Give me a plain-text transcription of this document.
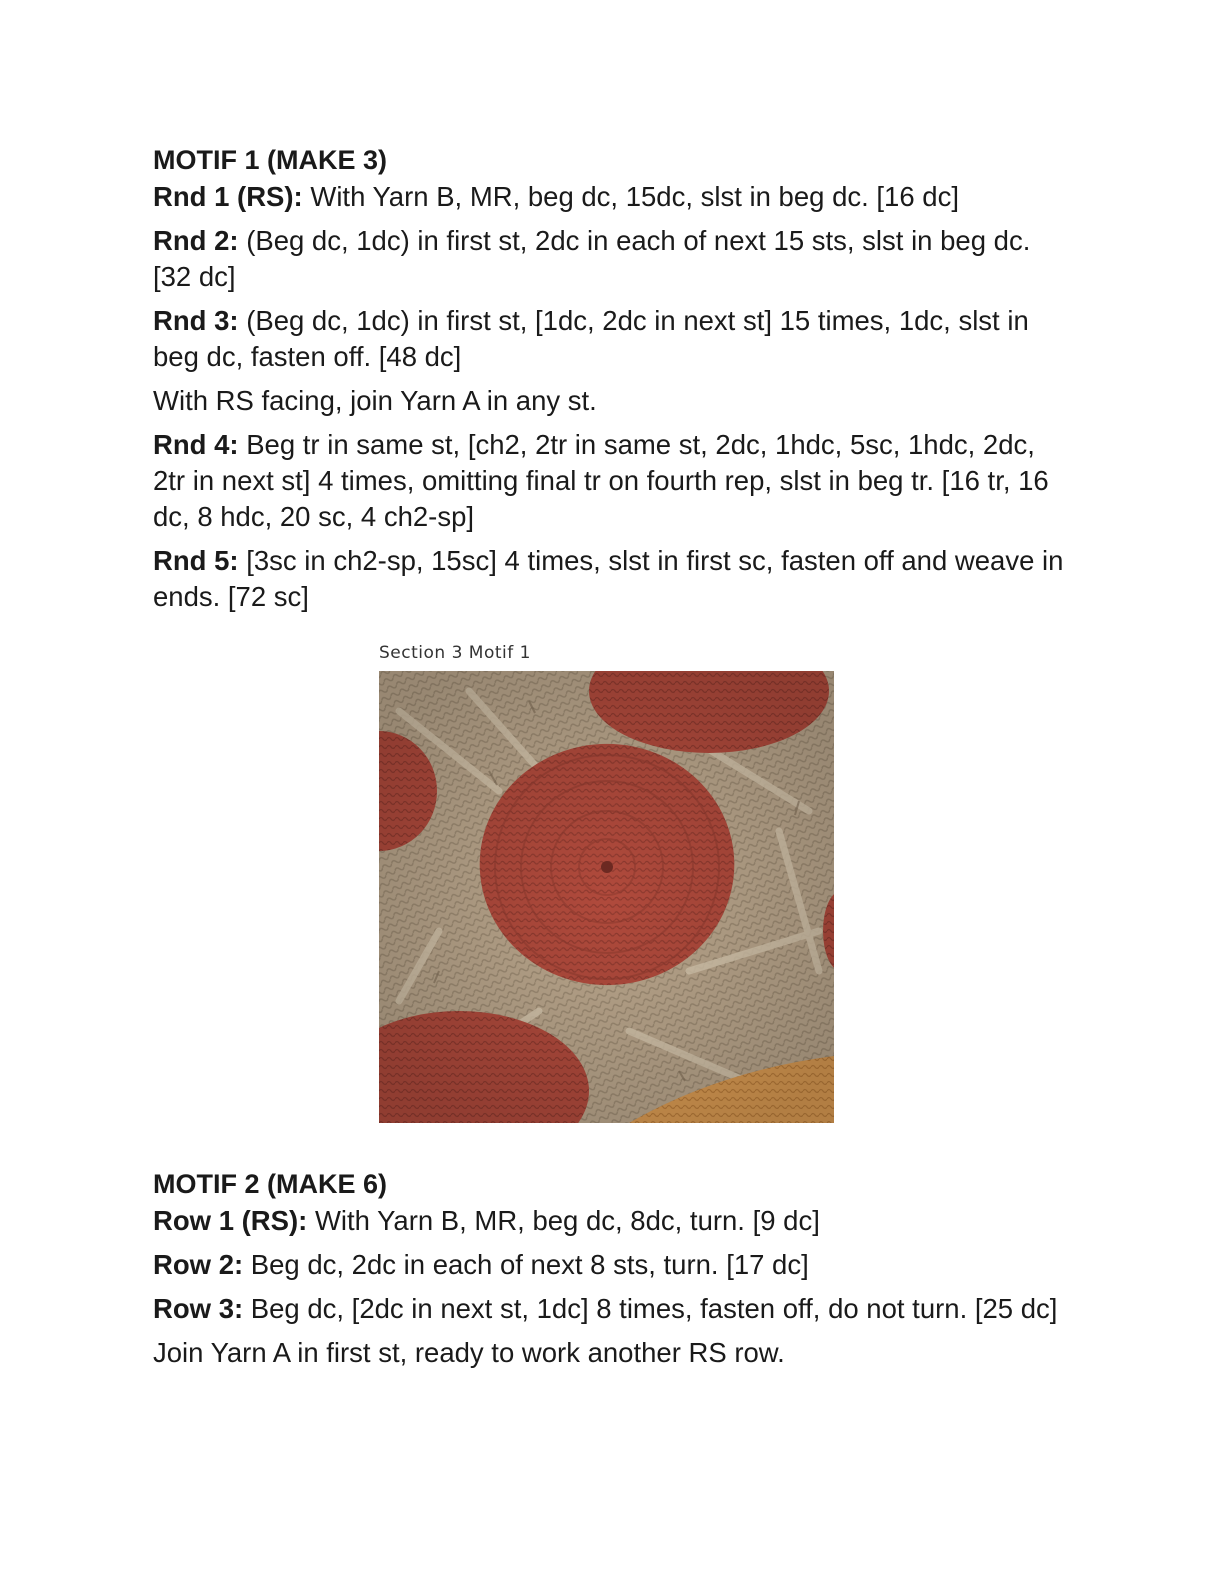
MOTIF 1 (MAKE 3)

Rnd 1 (RS): With Yarn B, MR, beg dc, 15dc, slst in beg dc. [16 dc]

Rnd 2: (Beg dc, 1dc) in first st, 2dc in each of next 15 sts, slst in beg dc. [32 dc]

Rnd 3: (Beg dc, 1dc) in first st, [1dc, 2dc in next st] 15 times, 1dc, slst in beg dc, fasten off. [48 dc]

With RS facing, join Yarn A in any st.

Rnd 4: Beg tr in same st, [ch2, 2tr in same st, 2dc, 1hdc, 5sc, 1hdc, 2dc, 2tr in next st] 4 times, omitting final tr on fourth rep, slst in beg tr. [16 tr, 16 dc, 8 hdc, 20 sc, 4 ch2-sp]

Rnd 5: [3sc in ch2-sp, 15sc] 4 times, slst in first sc, fasten off and weave in ends. [72 sc]

Section 3 Motif 1
MOTIF 2 (MAKE 6)

Row 1 (RS): With Yarn B, MR, beg dc, 8dc, turn. [9 dc]

Row 2: Beg dc, 2dc in each of next 8 sts, turn. [17 dc]

Row 3: Beg dc, [2dc in next st, 1dc] 8 times, fasten off, do not turn. [25 dc]

Join Yarn A in first st, ready to work another RS row.
